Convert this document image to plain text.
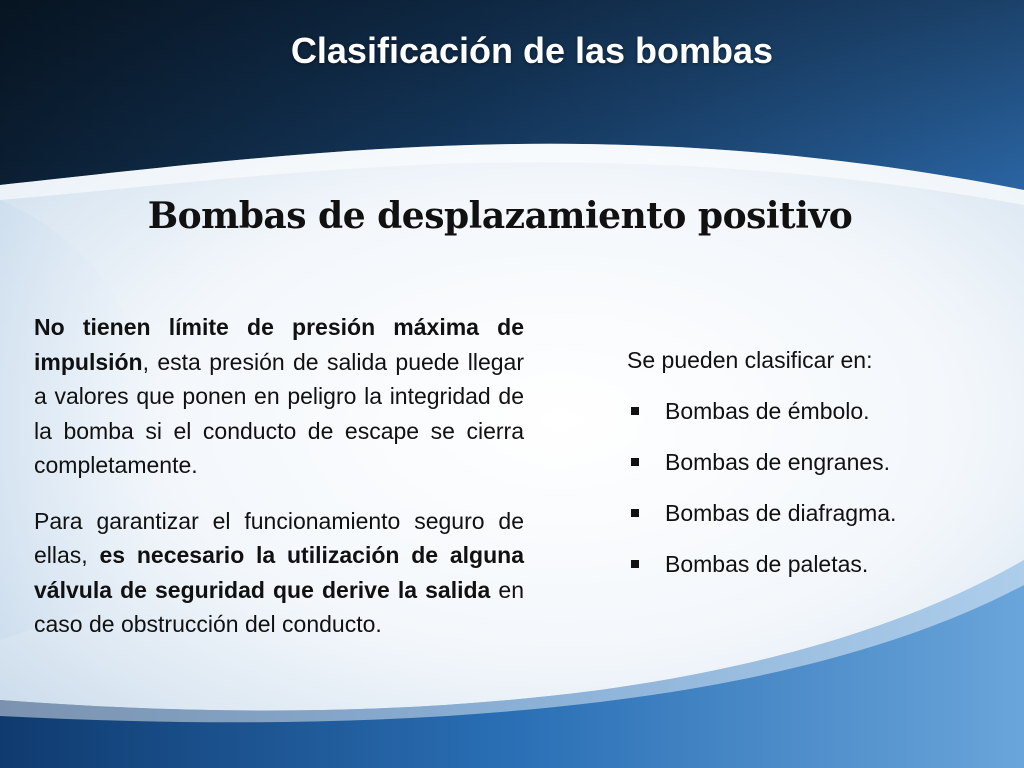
Clasificación de las bombas
Bombas de desplazamiento positivo

No tienen límite de presión máxima de impulsión, esta presión de salida puede llegar a valores que ponen en peligro la integridad de la bomba si el conducto de escape se cierra completamente.

Para garantizar el funcionamiento seguro de ellas, es necesario la utilización de alguna válvula de seguridad que derive la salida en caso de obstrucción del conducto.

Se pueden clasificar en:

Bombas de émbolo.
Bombas de engranes.
Bombas de diafragma.
Bombas de paletas.
